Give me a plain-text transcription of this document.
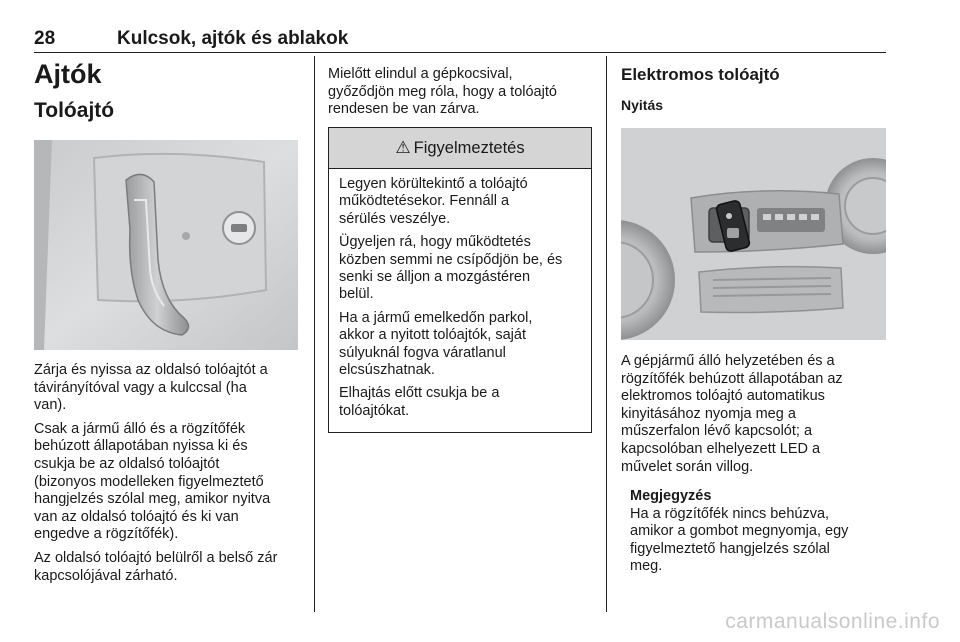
28	Kulcsok, ajtók és ablakok
Ajtók
Tolóajtó

Zárja és nyissa az oldalsó tolóajtót a
távirányítóval vagy a kulccsal (ha
van).

Csak a jármű álló és a rögzítőfék
behúzott állapotában nyissa ki és
csukja be az oldalsó tolóajtót
(bizonyos modelleken figyelmeztető
hangjelzés szólal meg, amikor nyitva
van az oldalsó tolóajtó és ki van
engedve a rögzítőfék).

Az oldalsó tolóajtó belülről a belső zár
kapcsolójával zárható.

Mielőtt elindul a gépkocsival,
győződjön meg róla, hogy a tolóajtó
rendesen be van zárva.

⚠ Figyelmeztetés

Legyen körültekintő a tolóajtó
működtetésekor. Fennáll a
sérülés veszélye.

Ügyeljen rá, hogy működtetés
közben semmi ne csípődjön be, és
senki se álljon a mozgástéren
belül.

Ha a jármű emelkedőn parkol,
akkor a nyitott tolóajtók, saját
súlyuknál fogva váratlanul
elcsúszhatnak.

Elhajtás előtt csukja be a
tolóajtókat.

Elektromos tolóajtó
Nyitás

A gépjármű álló helyzetében és a
rögzítőfék behúzott állapotában az
elektromos tolóajtó automatikus
kinyitásához nyomja meg a
műszerfalon lévő kapcsolót; a
kapcsolóban elhelyezett LED a
művelet során villog.

Megjegyzés

Ha a rögzítőfék nincs behúzva,
amikor a gombot megnyomja, egy
figyelmeztető hangjelzés szólal
meg.

carmanualsonline.info
